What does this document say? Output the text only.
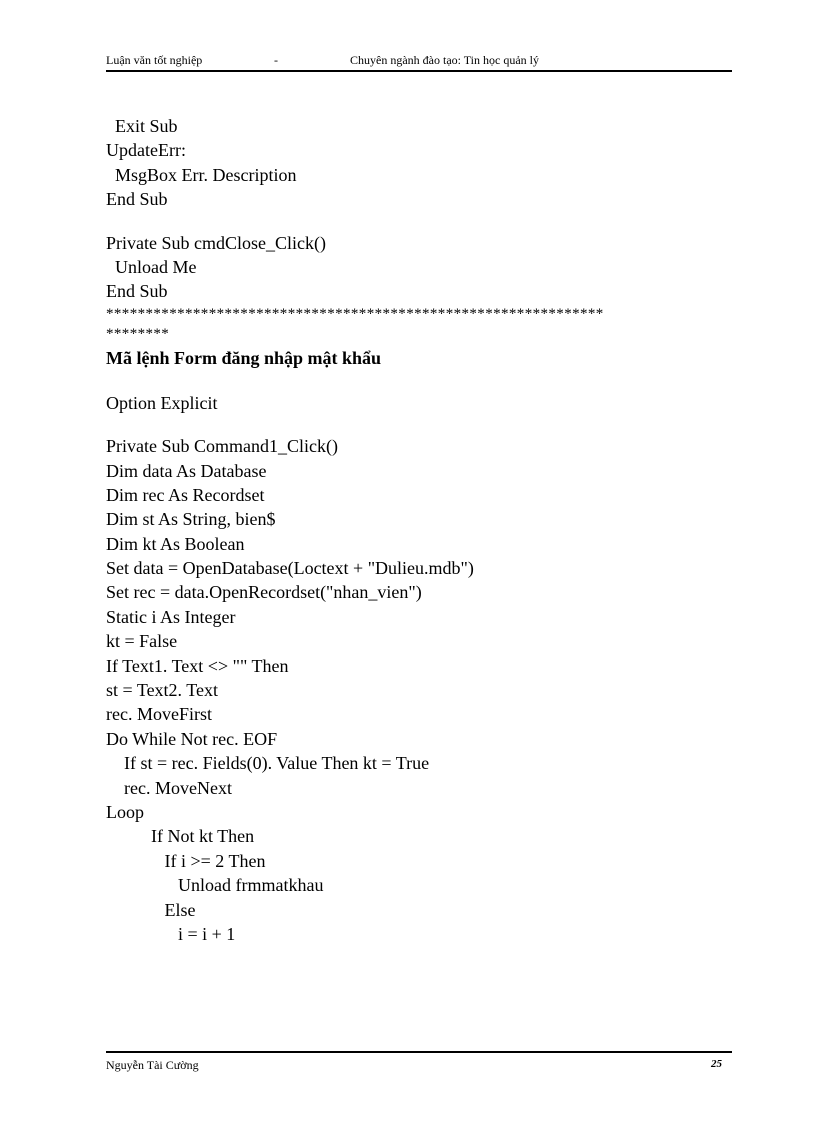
Luận văn tốt nghiệp	-	Chuyên ngành đào tạo: Tin học quản lý
Exit Sub
UpdateErr:
MsgBox Err. Description
End Sub
Private Sub cmdClose_Click()
Unload Me
End Sub
***************************************************************
********
Mã lệnh Form đăng nhập mật khẩu
Option Explicit
Private Sub Command1_Click()
Dim data As Database
Dim rec As Recordset
Dim st As String, bien$
Dim kt As Boolean
Set data = OpenDatabase(Loctext + "Dulieu.mdb")
Set rec = data.OpenRecordset("nhan_vien")
Static i As Integer
kt = False
If Text1. Text <> "" Then
st = Text2. Text
rec. MoveFirst
Do While Not rec. EOF
If st = rec. Fields(0). Value Then kt = True
rec. MoveNext
Loop
If Not kt Then
If i >= 2 Then
Unload frmmatkhau
Else
i = i + 1
Nguyễn Tài Cường	25
